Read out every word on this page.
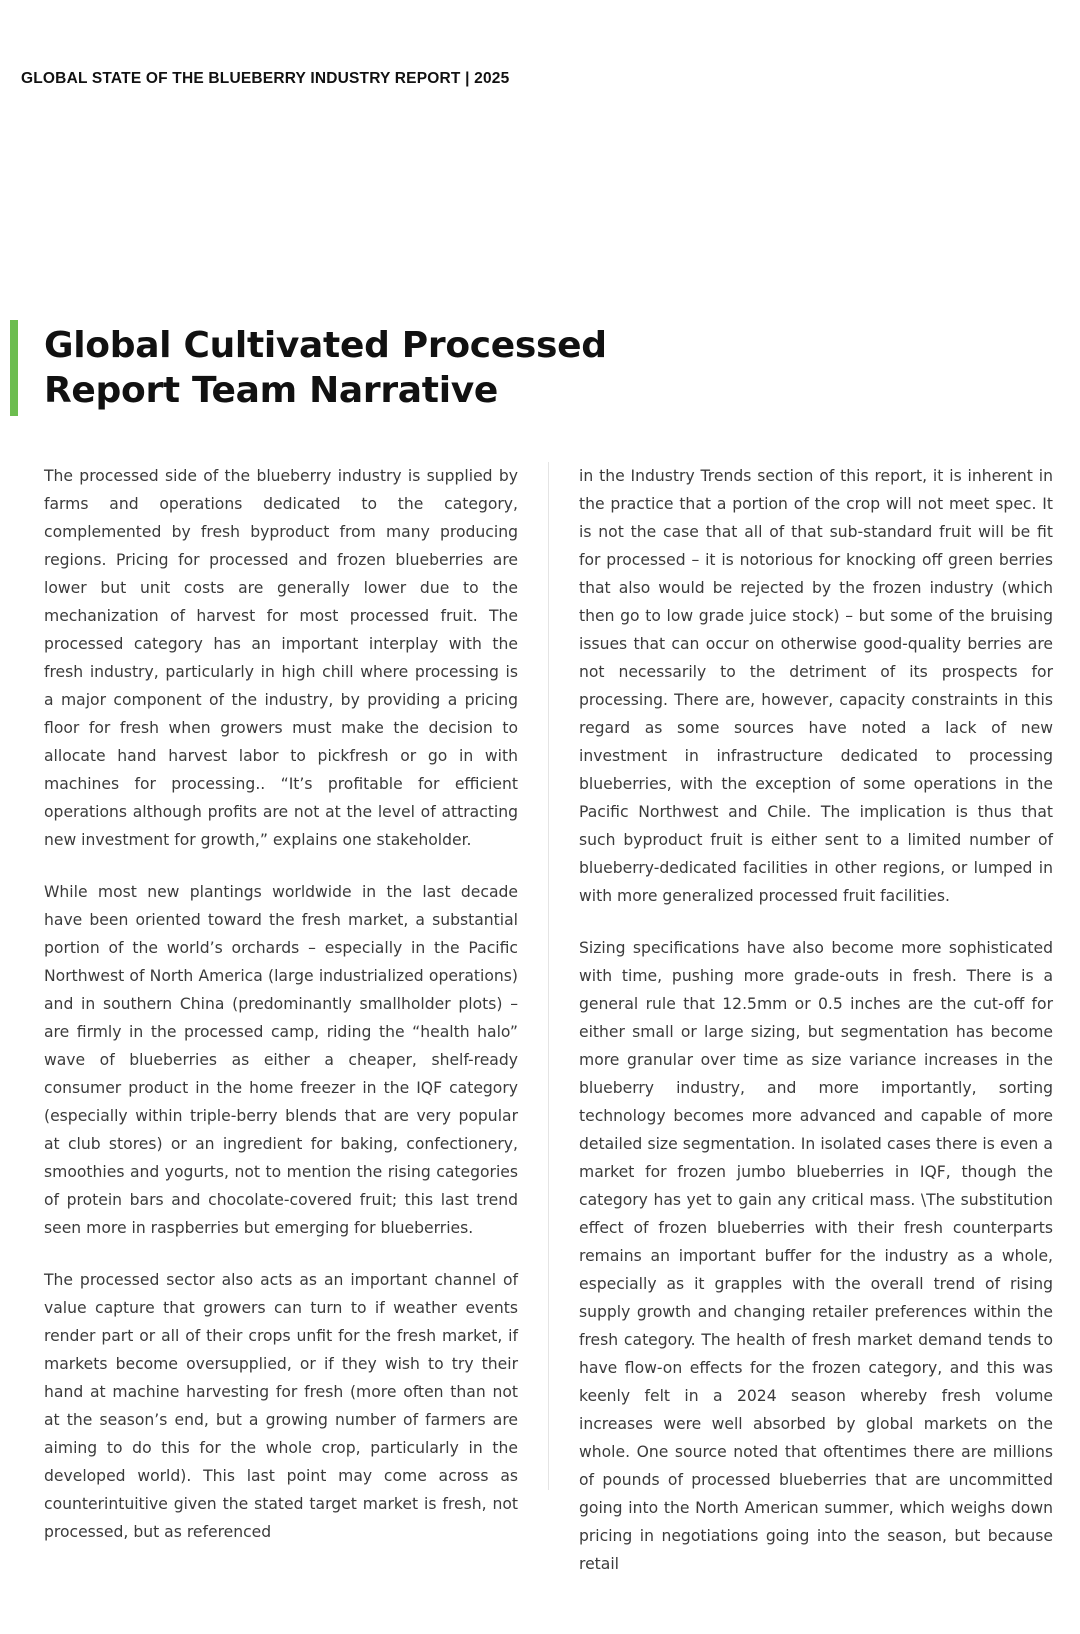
GLOBAL STATE OF THE BLUEBERRY INDUSTRY REPORT | 2025
Global Cultivated Processed
Report Team Narrative

The processed side of the blueberry industry is supplied by farms and operations dedicated to the category, complemented by fresh byproduct from many producing regions. Pricing for processed and frozen blueberries are lower but unit costs are generally lower due to the mechanization of harvest for most processed fruit. The processed category has an important interplay with the fresh industry, particularly in high chill where processing is a major component of the industry, by providing a pricing floor for fresh when growers must make the decision to allocate hand harvest labor to pickfresh or go in with machines for processing.. “It’s profitable for efficient operations although profits are not at the level of attracting new investment for growth,” explains one stakeholder.

While most new plantings worldwide in the last decade have been oriented toward the fresh market, a substantial portion of the world’s orchards – especially in the Pacific Northwest of North America (large industrialized operations) and in southern China (predominantly smallholder plots) – are firmly in the processed camp, riding the “health halo” wave of blueberries as either a cheaper, shelf-ready consumer product in the home freezer in the IQF category (especially within triple-berry blends that are very popular at club stores) or an ingredient for baking, confectionery, smoothies and yogurts, not to mention the rising categories of protein bars and chocolate-covered fruit; this last trend seen more in raspberries but emerging for blueberries.

The processed sector also acts as an important channel of value capture that growers can turn to if weather events render part or all of their crops unfit for the fresh market, if markets become oversupplied, or if they wish to try their hand at machine harvesting for fresh (more often than not at the season’s end, but a growing number of farmers are aiming to do this for the whole crop, particularly in the developed world). This last point may come across as counterintuitive given the stated target market is fresh, not processed, but as referenced

in the Industry Trends section of this report, it is inherent in the practice that a portion of the crop will not meet spec. It is not the case that all of that sub-standard fruit will be fit for processed – it is notorious for knocking off green berries that also would be rejected by the frozen industry (which then go to low grade juice stock) – but some of the bruising issues that can occur on otherwise good-quality berries are not necessarily to the detriment of its prospects for processing. There are, however, capacity constraints in this regard as some sources have noted a lack of new investment in infrastructure dedicated to processing blueberries, with the exception of some operations in the Pacific Northwest and Chile. The implication is thus that such byproduct fruit is either sent to a limited number of blueberry-dedicated facilities in other regions, or lumped in with more generalized processed fruit facilities.

Sizing specifications have also become more sophisticated with time, pushing more grade-outs in fresh. There is a general rule that 12.5mm or 0.5 inches are the cut-off for either small or large sizing, but segmentation has become more granular over time as size variance increases in the blueberry industry, and more importantly, sorting technology becomes more advanced and capable of more detailed size segmentation. In isolated cases there is even a market for frozen jumbo blueberries in IQF, though the category has yet to gain any critical mass. \The substitution effect of frozen blueberries with their fresh counterparts remains an important buffer for the industry as a whole, especially as it grapples with the overall trend of rising supply growth and changing retailer preferences within the fresh category. The health of fresh market demand tends to have flow-on effects for the frozen category, and this was keenly felt in a 2024 season whereby fresh volume increases were well absorbed by global markets on the whole. One source noted that oftentimes there are millions of pounds of processed blueberries that are uncommitted going into the North American summer, which weighs down pricing in negotiations going into the season, but because retail
